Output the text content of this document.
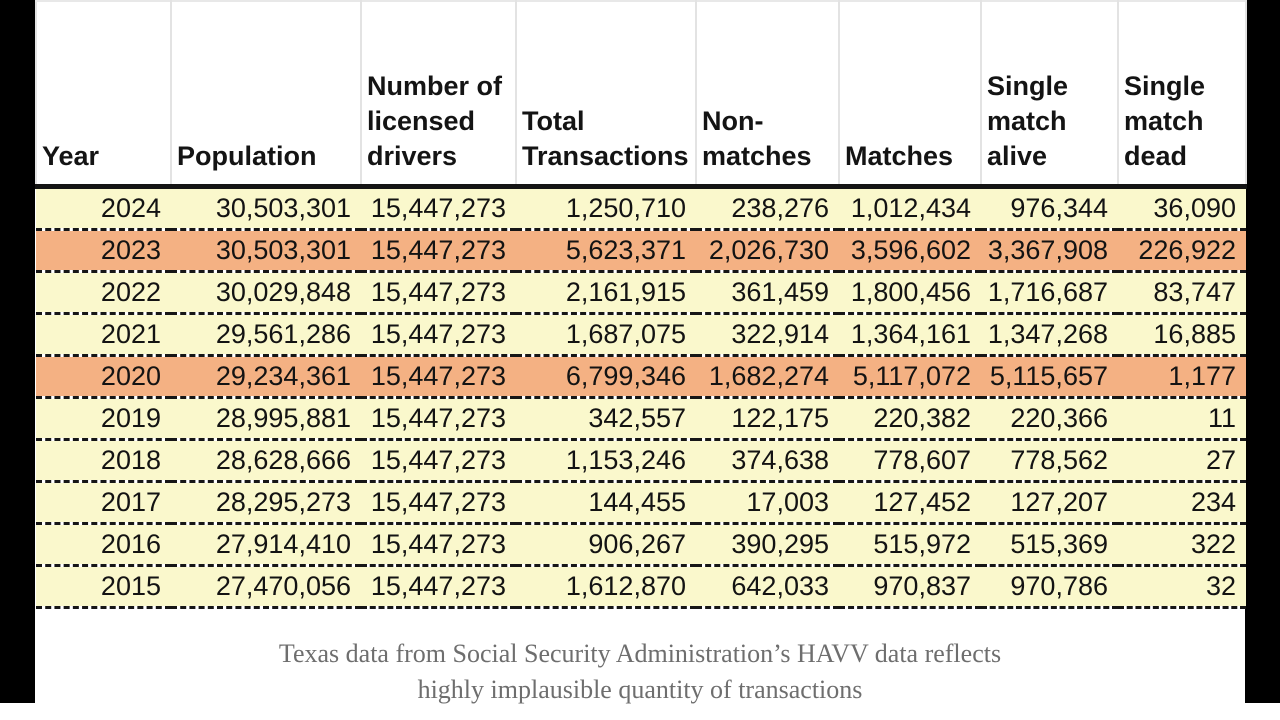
Year	Population	Number of licensed drivers	Total Transactions	Non-matches	Matches	Single match alive	Single match dead
2024	30,503,301	15,447,273	1,250,710	238,276	1,012,434	976,344	36,090
2023	30,503,301	15,447,273	5,623,371	2,026,730	3,596,602	3,367,908	226,922
2022	30,029,848	15,447,273	2,161,915	361,459	1,800,456	1,716,687	83,747
2021	29,561,286	15,447,273	1,687,075	322,914	1,364,161	1,347,268	16,885
2020	29,234,361	15,447,273	6,799,346	1,682,274	5,117,072	5,115,657	1,177
2019	28,995,881	15,447,273	342,557	122,175	220,382	220,366	11
2018	28,628,666	15,447,273	1,153,246	374,638	778,607	778,562	27
2017	28,295,273	15,447,273	144,455	17,003	127,452	127,207	234
2016	27,914,410	15,447,273	906,267	390,295	515,972	515,369	322
2015	27,470,056	15,447,273	1,612,870	642,033	970,837	970,786	32
Texas data from Social Security Administration’s HAVV data reflects
highly implausible quantity of transactions
